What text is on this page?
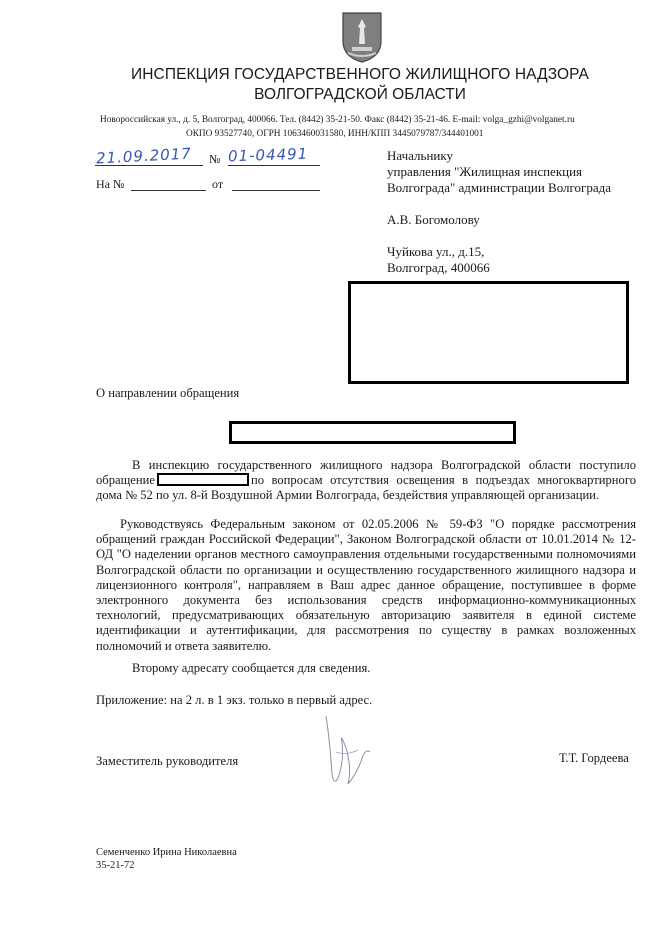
ИНСПЕКЦИЯ ГОСУДАРСТВЕННОГО ЖИЛИЩНОГО НАДЗОРА
ВОЛГОГРАДСКОЙ ОБЛАСТИ
Новороссийская ул., д. 5, Волгоград, 400066. Тел. (8442) 35-21-50. Факс (8442) 35-21-46. E-mail: volga_gzhi@volganet.ru
ОКПО 93527740, ОГРН 1063460031580, ИНН/КПП 3445079787/344401001
21.09.2017 № 01-04491
На №	от
Начальнику
управления "Жилищная инспекция
Волгограда" администрации Волгограда
А.В. Богомолову
Чуйкова ул., д.15,
Волгоград, 400066
О направлении обращения
В инспекцию государственного жилищного надзора Волгоградской области поступило обращение	по вопросам отсутствия освещения в подъездах многоквартирного дома № 52 по ул. 8-й Воздушной Армии Волгограда, бездействия управляющей организации.
Руководствуясь Федеральным законом от 02.05.2006 № 59-ФЗ "О порядке рассмотрения обращений граждан Российской Федерации", Законом Волгоградской области от 10.01.2014 № 12-ОД "О наделении органов местного самоуправления отдельными государственными полномочиями Волгоградской области по организации и осуществлению государственного жилищного надзора и лицензионного контроля", направляем в Ваш адрес данное обращение, поступившее в форме электронного документа без использования средств информационно-коммуникационных технологий, предусматривающих обязательную авторизацию заявителя в единой системе идентификации и аутентификации, для рассмотрения по существу в рамках возложенных полномочий и ответа заявителю.
Второму адресату сообщается для сведения.
Приложение: на 2 л. в 1 экз. только в первый адрес.
Заместитель руководителя	Т.Т. Гордеева
Семенченко Ирина Николаевна
35-21-72
